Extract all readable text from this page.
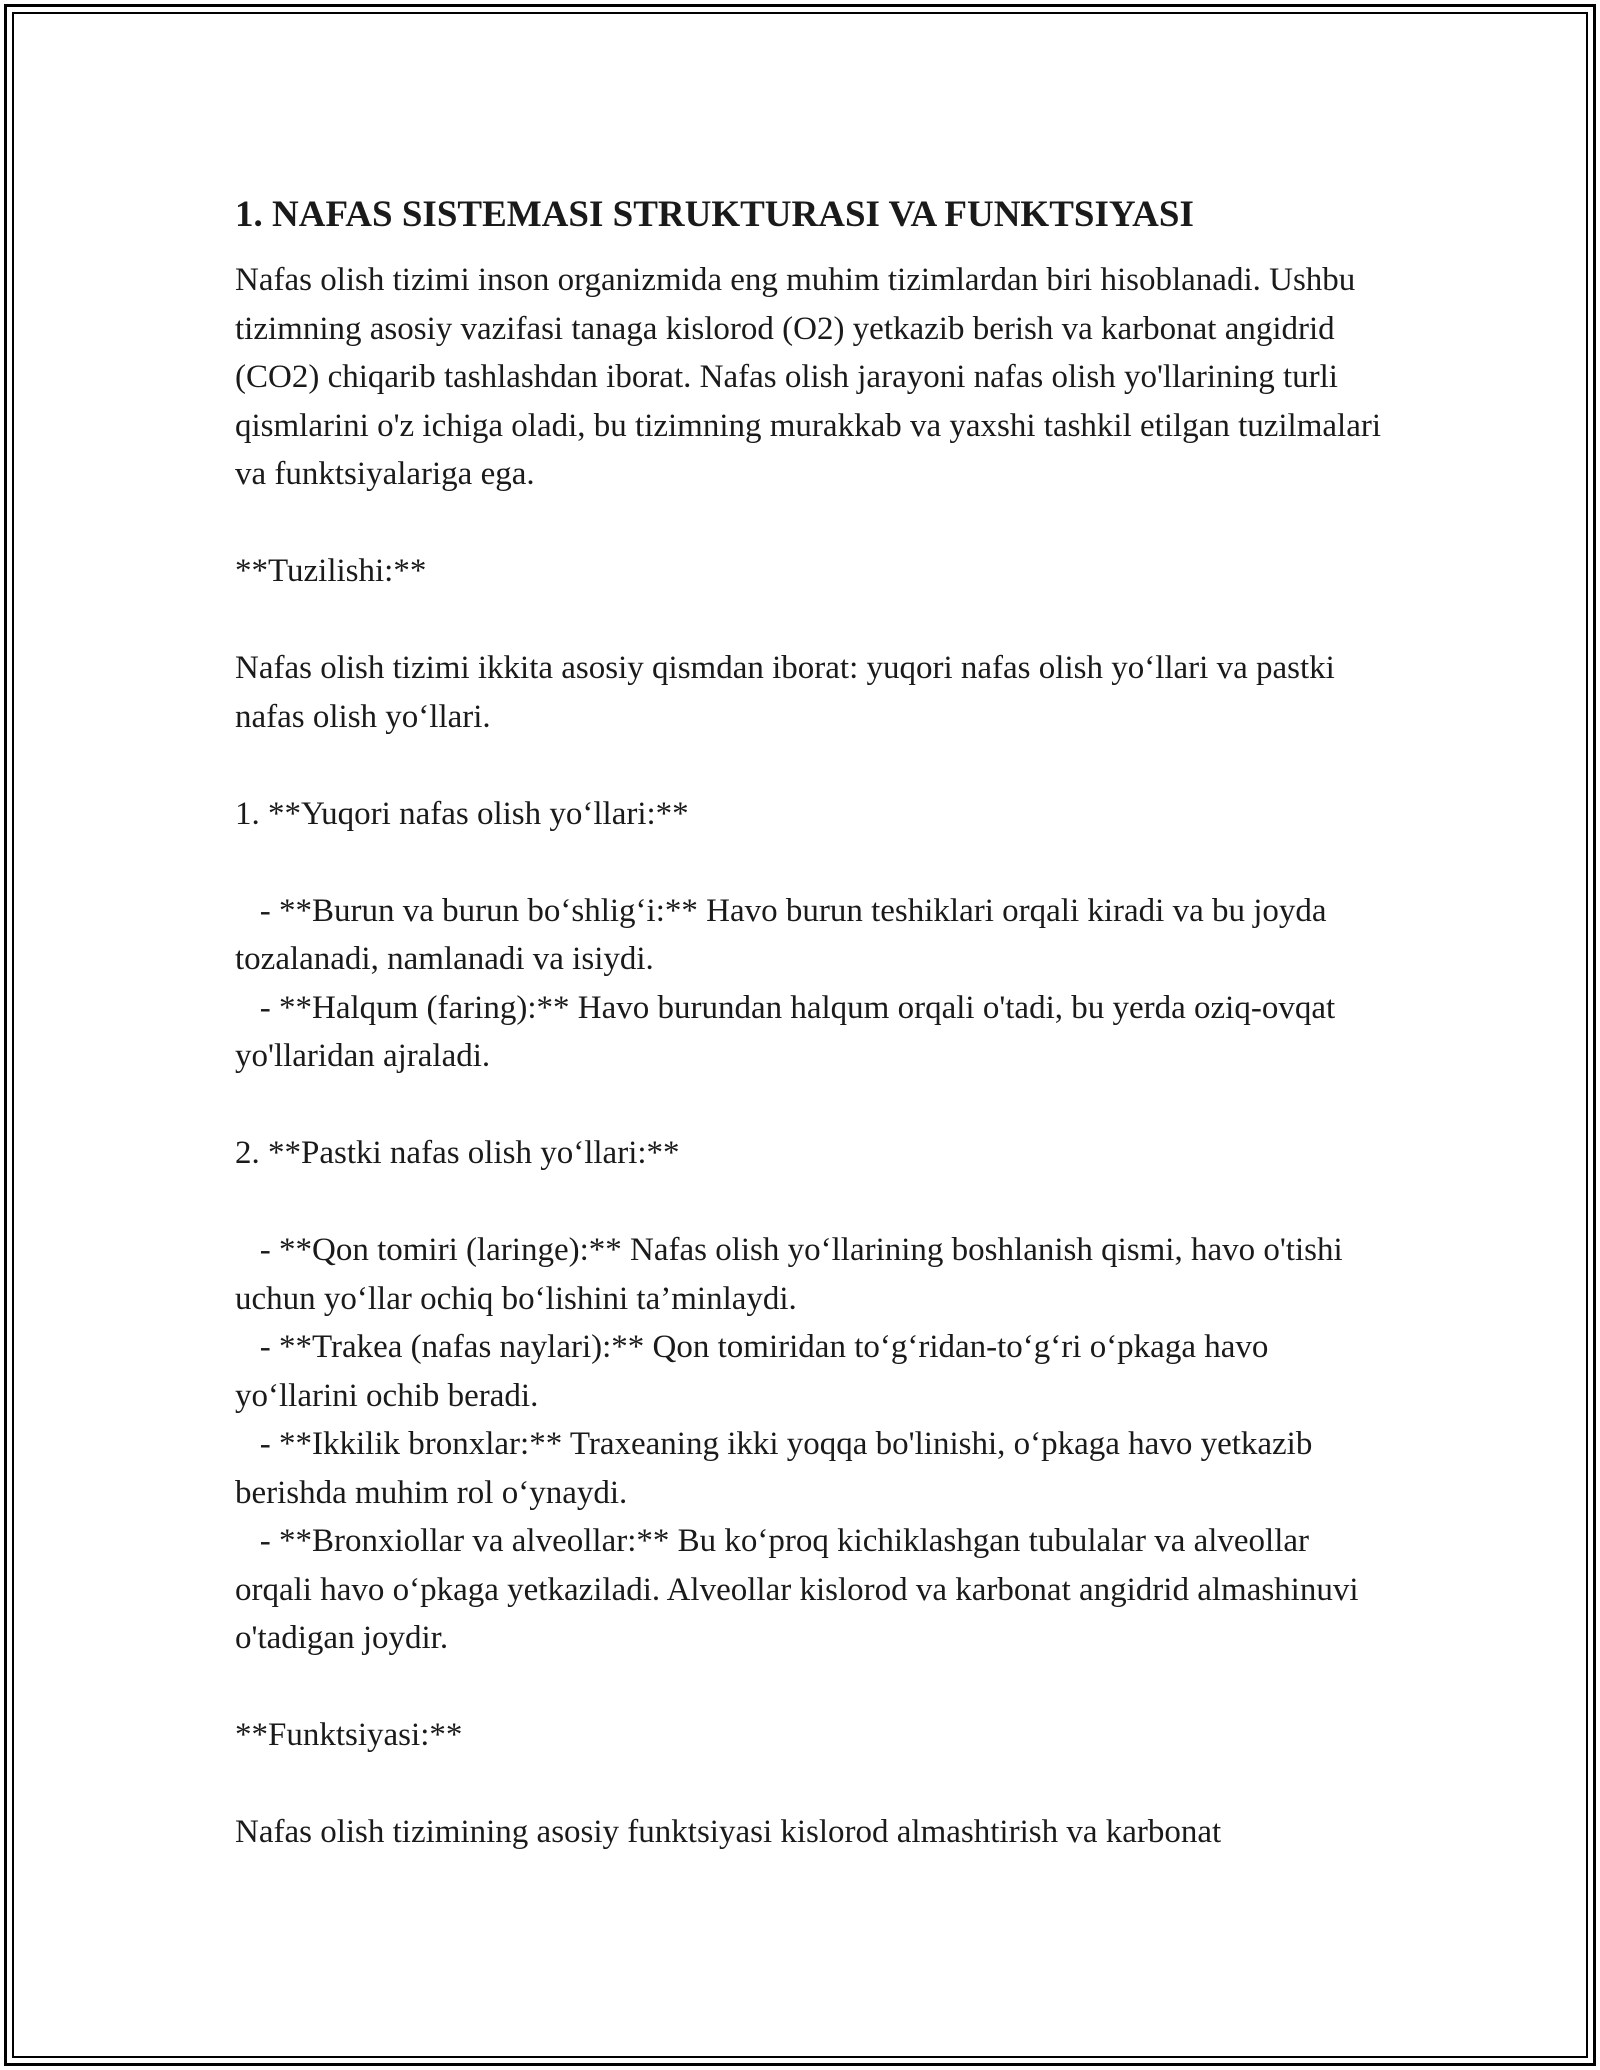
1. NAFAS SISTEMASI STRUKTURASI VA FUNKTSIYASI

Nafas olish tizimi inson organizmida eng muhim tizimlardan biri hisoblanadi. Ushbu tizimning asosiy vazifasi tanaga kislorod (O2) yetkazib berish va karbonat angidrid (CO2) chiqarib tashlashdan iborat. Nafas olish jarayoni nafas olish yo'llarining turli qismlarini o'z ichiga oladi, bu tizimning murakkab va yaxshi tashkil etilgan tuzilmalari va funktsiyalariga ega.

**Tuzilishi:**

Nafas olish tizimi ikkita asosiy qismdan iborat: yuqori nafas olish yo‘llari va pastki nafas olish yo‘llari.

1. **Yuqori nafas olish yo‘llari:**

- **Burun va burun bo‘shlig‘i:** Havo burun teshiklari orqali kiradi va bu joyda tozalanadi, namlanadi va isiydi.

- **Halqum (faring):** Havo burundan halqum orqali o'tadi, bu yerda oziq-ovqat yo'llaridan ajraladi.

2. **Pastki nafas olish yo‘llari:**

- **Qon tomiri (laringe):** Nafas olish yo‘llarining boshlanish qismi, havo o'tishi uchun yo‘llar ochiq bo‘lishini ta’minlaydi.

- **Trakea (nafas naylari):** Qon tomiridan to‘g‘ridan-to‘g‘ri o‘pkaga havo yo‘llarini ochib beradi.

- **Ikkilik bronxlar:** Traxeaning ikki yoqqa bo'linishi, o‘pkaga havo yetkazib berishda muhim rol o‘ynaydi.

- **Bronxiollar va alveollar:** Bu ko‘proq kichiklashgan tubulalar va alveollar orqali havo o‘pkaga yetkaziladi. Alveollar kislorod va karbonat angidrid almashinuvi o'tadigan joydir.

**Funktsiyasi:**

Nafas olish tizimining asosiy funktsiyasi kislorod almashtirish va karbonat
